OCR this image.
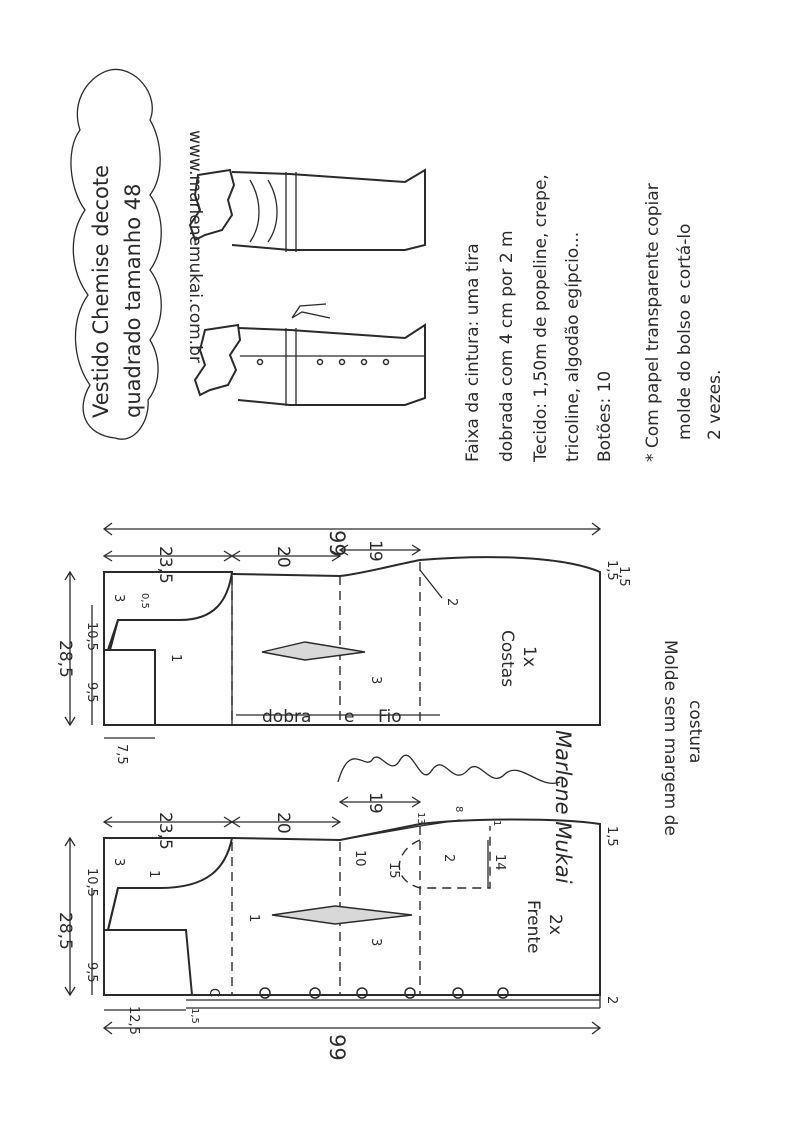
Vestido Chemise decote quadrado tamanho 48 www.marlenemukai.com.br	Faixa da cintura: uma tira dobrada com 4 cm por 2 m Tecido: 1,50m de popeline, crepe, tricoline, algodão egípcio... Botões: 10 * Com papel transparente copiar molde do bolso e cortá-lo 2 vezes.
99
23,5	20	19
1,5
2
28,5
10,5
3 0,5
9,5
1
7,5
3
dobra e Fio
Costas 1x
Marlene Mukai	Molde sem margem de costura
23,5	20
19
1,5
28,5
10,5
3
9,5
12,5	1,5
C
1
1
3
10
15
13
8
14
2
1
2
99
Frente 2x
1,5
